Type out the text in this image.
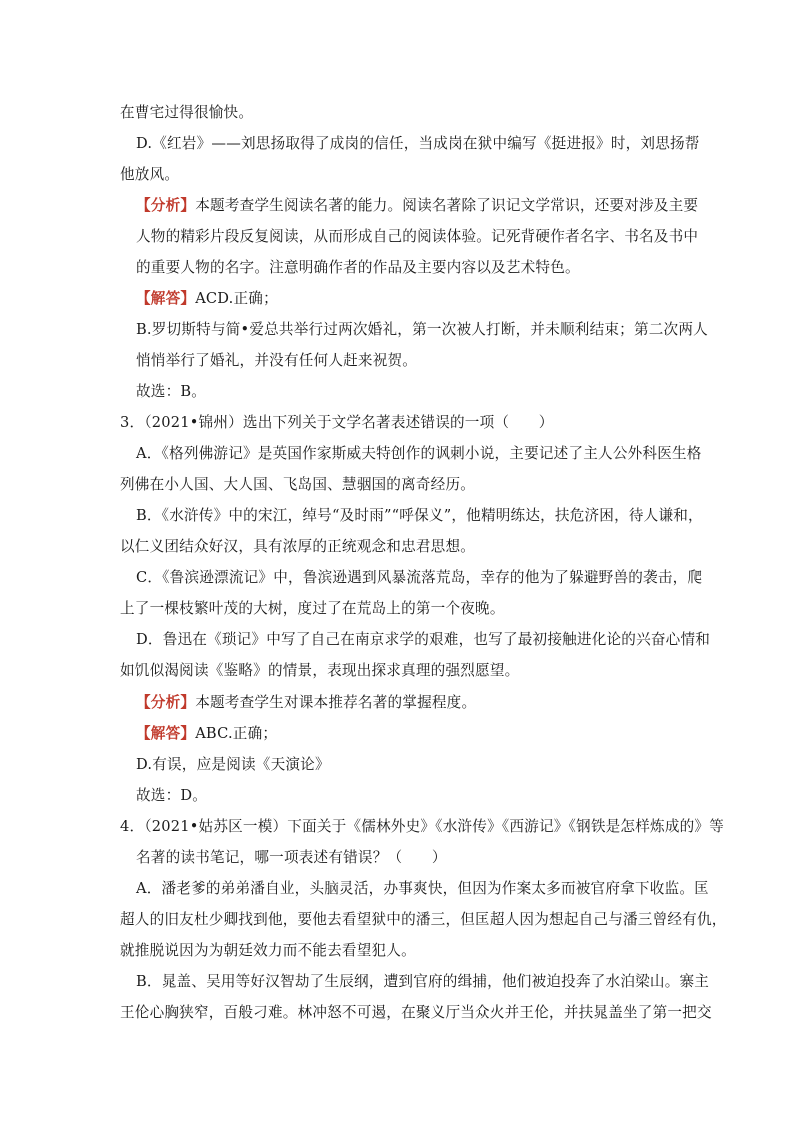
在曹宅过得很愉快。
D.《红岩》——刘思扬取得了成岗的信任，当成岗在狱中编写《挺进报》时，刘思扬帮
他放风。
【分析】本题考查学生阅读名著的能力。阅读名著除了识记文学常识，还要对涉及主要
人物的精彩片段反复阅读，从而形成自己的阅读体验。记死背硬作者名字、书名及书中
的重要人物的名字。注意明确作者的作品及主要内容以及艺术特色。
【解答】ACD.正确；
B.罗切斯特与简•爱总共举行过两次婚礼，第一次被人打断，并未顺利结束；第二次两人
悄悄举行了婚礼，并没有任何人赶来祝贺。
故选：B。
3．（2021•锦州）选出下列关于文学名著表述错误的一项（　　）
A．《格列佛游记》是英国作家斯威夫特创作的讽刺小说，主要记述了主人公外科医生格
列佛在小人国、大人国、飞岛国、慧骃国的离奇经历。
B．《水浒传》中的宋江，绰号“及时雨”“呼保义”，他精明练达，扶危济困，待人谦和，
以仁义团结众好汉，具有浓厚的正统观念和忠君思想。
C．《鲁滨逊漂流记》中，鲁滨逊遇到风暴流落荒岛，幸存的他为了躲避野兽的袭击，爬
上了一棵枝繁叶茂的大树，度过了在荒岛上的第一个夜晚。
D．鲁迅在《琐记》中写了自己在南京求学的艰难，也写了最初接触进化论的兴奋心情和
如饥似渴阅读《鉴略》的情景，表现出探求真理的强烈愿望。
【分析】本题考查学生对课本推荐名著的掌握程度。
【解答】ABC.正确；
D.有误，应是阅读《天演论》
故选：D。
4．（2021•姑苏区一模）下面关于《儒林外史》《水浒传》《西游记》《钢铁是怎样炼成的》等
名著的读书笔记，哪一项表述有错误？（　　）
A．潘老爹的弟弟潘自业，头脑灵活，办事爽快，但因为作案太多而被官府拿下收监。匡
超人的旧友杜少卿找到他，要他去看望狱中的潘三，但匡超人因为想起自己与潘三曾经有仇，
就推脱说因为为朝廷效力而不能去看望犯人。
B．晁盖、吴用等好汉智劫了生辰纲，遭到官府的缉捕，他们被迫投奔了水泊梁山。寨主
王伦心胸狭窄，百般刁难。林冲怒不可遏，在聚义厅当众火并王伦，并扶晁盖坐了第一把交
